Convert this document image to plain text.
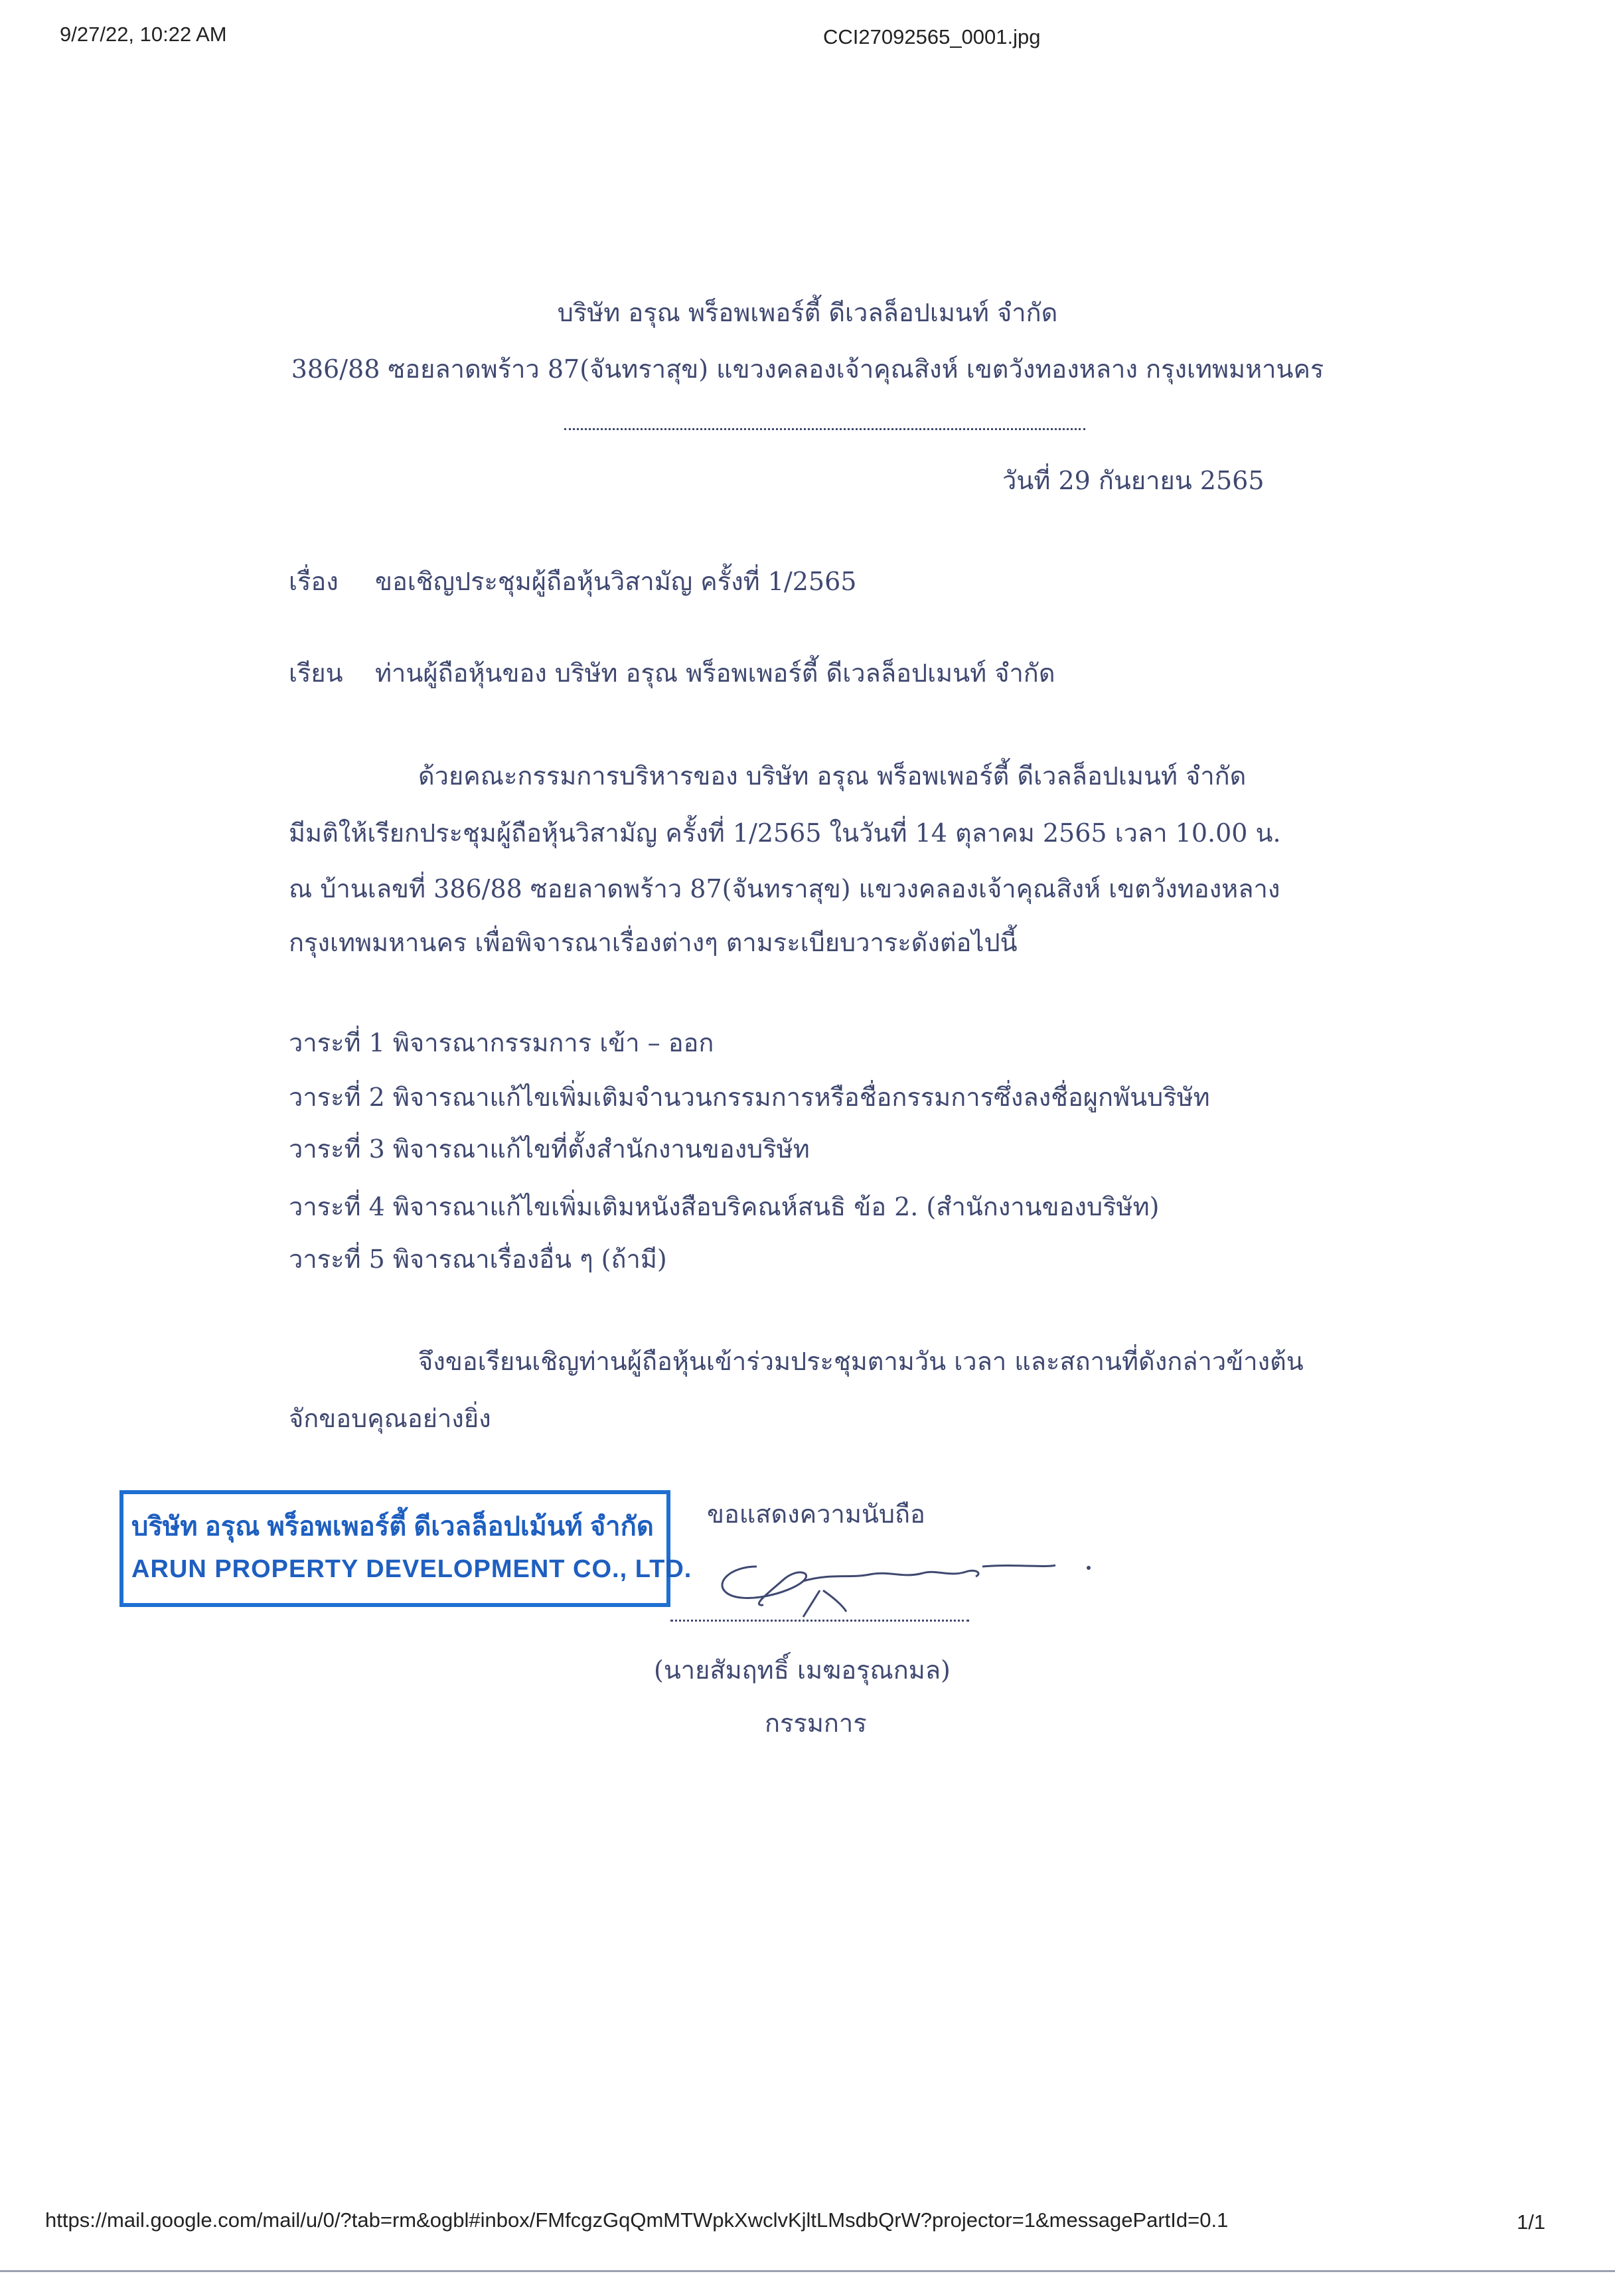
9/27/22, 10:22 AM	CCI27092565_0001.jpg
บริษัท อรุณ พร็อพเพอร์ตี้ ดีเวลล็อปเมนท์ จำกัด
386/88 ซอยลาดพร้าว 87(จันทราสุข) แขวงคลองเจ้าคุณสิงห์ เขตวังทองหลาง กรุงเทพมหานคร
วันที่ 29 กันยายน 2565
เรื่อง ขอเชิญประชุมผู้ถือหุ้นวิสามัญ ครั้งที่ 1/2565
เรียน ท่านผู้ถือหุ้นของ บริษัท อรุณ พร็อพเพอร์ตี้ ดีเวลล็อปเมนท์ จำกัด
ด้วยคณะกรรมการบริหารของ บริษัท อรุณ พร็อพเพอร์ตี้ ดีเวลล็อปเมนท์ จำกัด
มีมติให้เรียกประชุมผู้ถือหุ้นวิสามัญ ครั้งที่ 1/2565 ในวันที่ 14 ตุลาคม 2565 เวลา 10.00 น.
ณ บ้านเลขที่ 386/88 ซอยลาดพร้าว 87(จันทราสุข) แขวงคลองเจ้าคุณสิงห์ เขตวังทองหลาง
กรุงเทพมหานคร เพื่อพิจารณาเรื่องต่างๆ ตามระเบียบวาระดังต่อไปนี้
วาระที่ 1 พิจารณากรรมการ เข้า – ออก
วาระที่ 2 พิจารณาแก้ไขเพิ่มเติมจำนวนกรรมการหรือชื่อกรรมการซึ่งลงชื่อผูกพันบริษัท
วาระที่ 3 พิจารณาแก้ไขที่ตั้งสำนักงานของบริษัท
วาระที่ 4 พิจารณาแก้ไขเพิ่มเติมหนังสือบริคณห์สนธิ ข้อ 2. (สำนักงานของบริษัท)
วาระที่ 5 พิจารณาเรื่องอื่น ๆ (ถ้ามี)
จึงขอเรียนเชิญท่านผู้ถือหุ้นเข้าร่วมประชุมตามวัน เวลา และสถานที่ดังกล่าวข้างต้น
จักขอบคุณอย่างยิ่ง
บริษัท อรุณ พร็อพเพอร์ตี้ ดีเวลล็อปเม้นท์ จำกัด
ARUN PROPERTY DEVELOPMENT CO., LTD.
ขอแสดงความนับถือ
(นายสัมฤทธิ์ เมฆอรุณกมล)
กรรมการ
https://mail.google.com/mail/u/0/?tab=rm&ogbl#inbox/FMfcgzGqQmMTWpkXwclvKjltLMsdbQrW?projector=1&messagePartId=0.1	1/1
